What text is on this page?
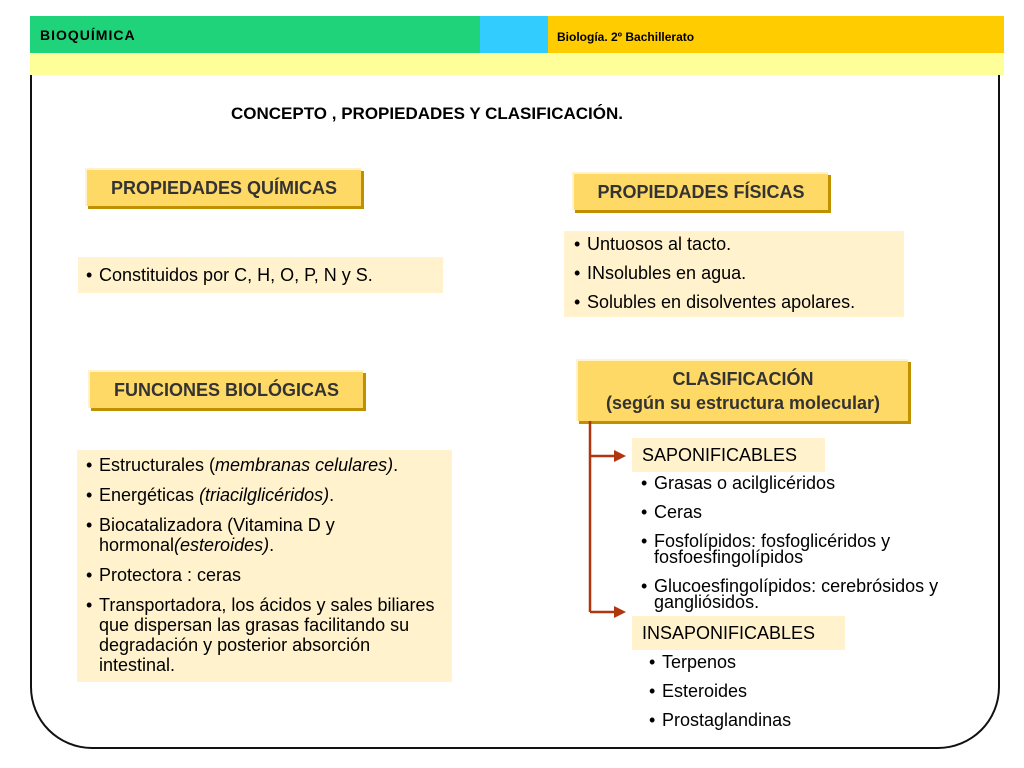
BIOQUÍMICA	Biología. 2º Bachillerato
CONCEPTO , PROPIEDADES Y CLASIFICACIÓN.
PROPIEDADES QUÍMICAS
• Constituidos por C, H, O, P, N y S.
PROPIEDADES FÍSICAS
• Untuosos al tacto.
• INsolubles en agua.
• Solubles en disolventes apolares.
FUNCIONES BIOLÓGICAS
• Estructurales (membranas celulares).
• Energéticas (triacilglicéridos).
• Biocatalizadora (Vitamina D y hormonal(esteroides).
• Protectora : ceras
• Transportadora, los ácidos y sales biliares que dispersan las grasas facilitando su degradación y posterior absorción intestinal.
CLASIFICACIÓN
(según su estructura molecular)
SAPONIFICABLES
• Grasas o acilglicéridos
• Ceras
• Fosfolípidos: fosfoglicéridos y fosfoesfingolípidos
• Glucoesfingolípidos: cerebrósidos y gangliósidos.
INSAPONIFICABLES
• Terpenos
• Esteroides
• Prostaglandinas
